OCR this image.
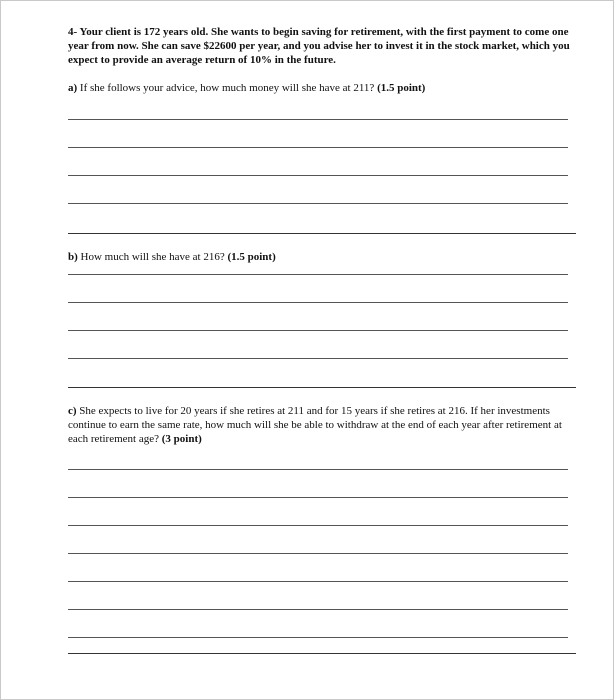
4- Your client is 172 years old. She wants to begin saving for retirement, with the first payment to come one year from now. She can save $22600 per year, and you advise her to invest it in the stock market, which you expect to provide an average return of 10% in the future.
a) If she follows your advice, how much money will she have at 211? (1.5 point)
b) How much will she have at 216? (1.5 point)
c) She expects to live for 20 years if she retires at 211 and for 15 years if she retires at 216. If her investments continue to earn the same rate, how much will she be able to withdraw at the end of each year after retirement at each retirement age? (3 point)
